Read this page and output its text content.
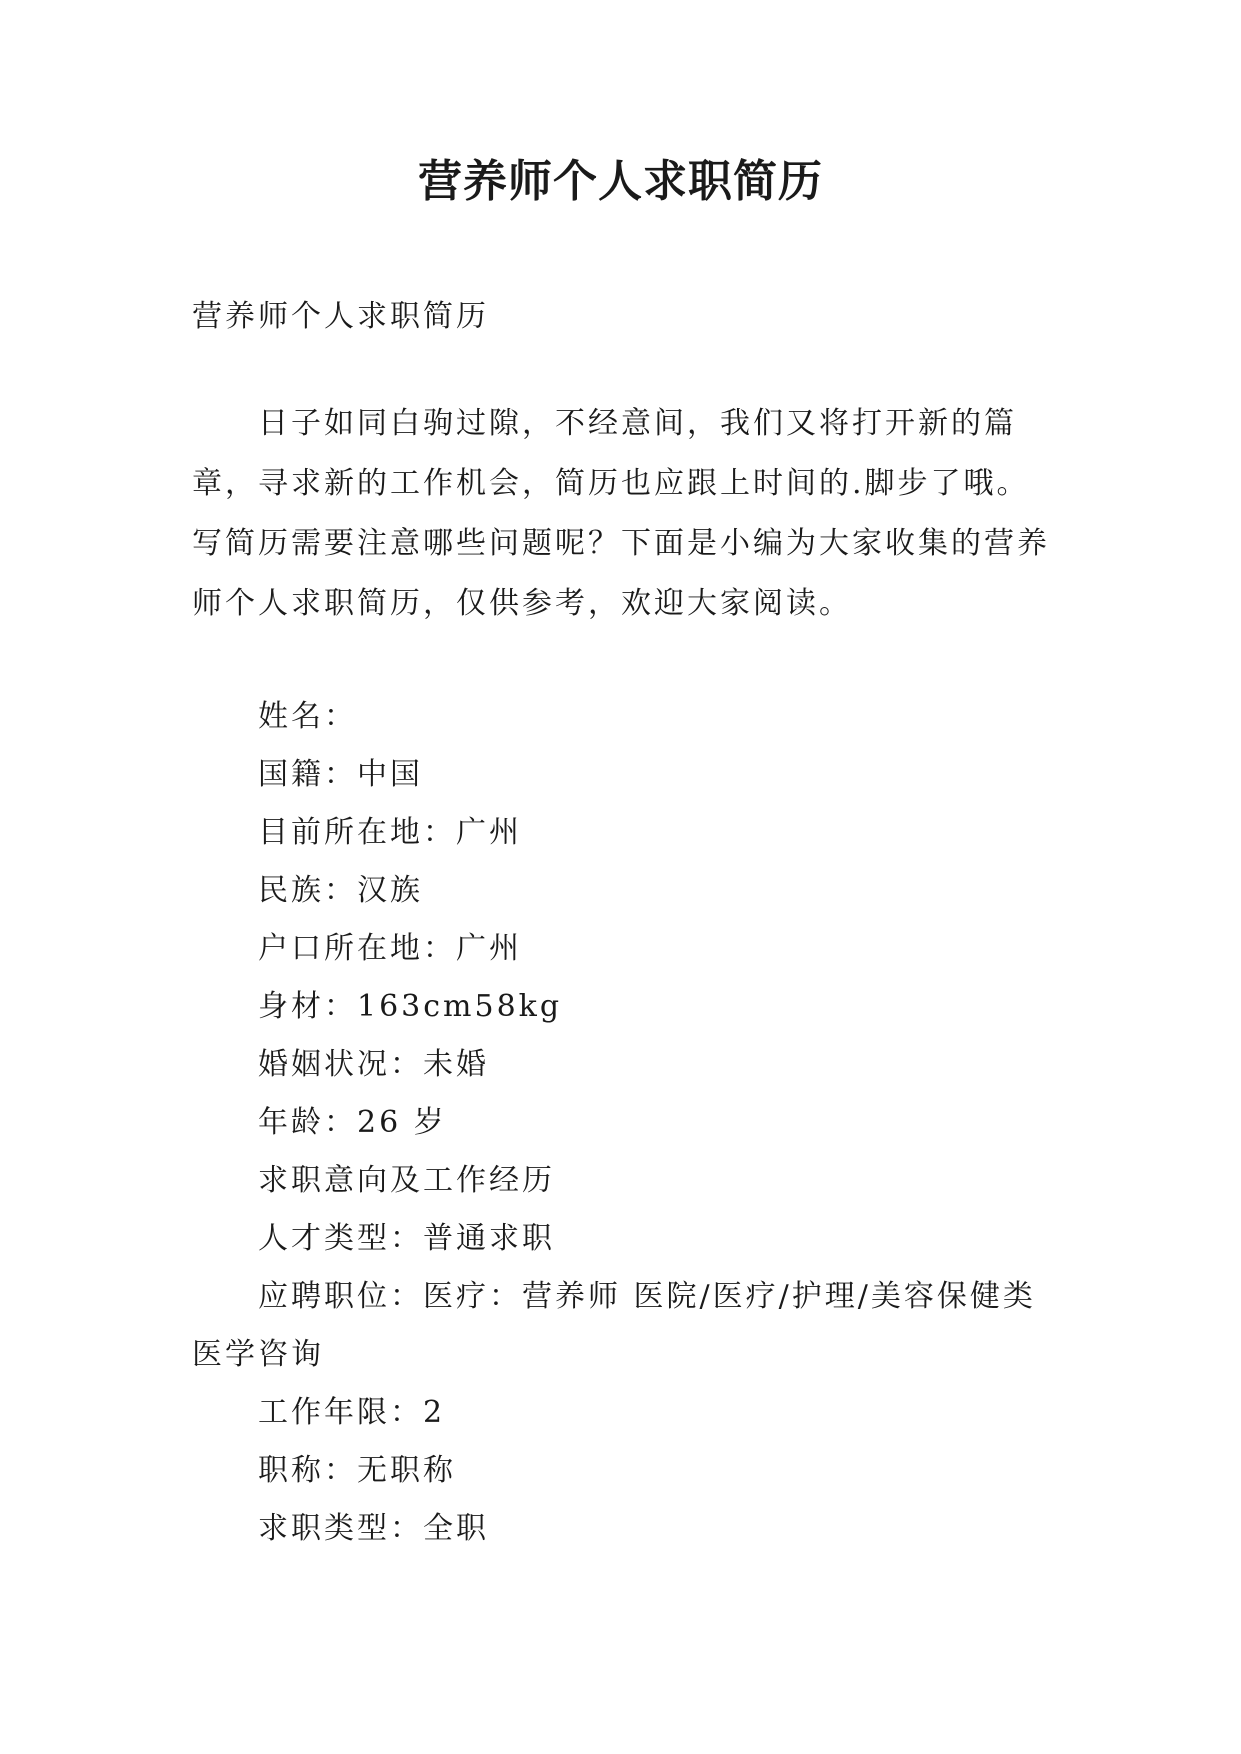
营养师个人求职简历

营养师个人求职简历

日子如同白驹过隙，不经意间，我们又将打开新的篇章，寻求新的工作机会，简历也应跟上时间的.脚步了哦。写简历需要注意哪些问题呢？下面是小编为大家收集的营养师个人求职简历，仅供参考，欢迎大家阅读。

姓名：

国籍：中国

目前所在地：广州

民族：汉族

户口所在地：广州

身材：163cm58kg

婚姻状况：未婚

年龄：26 岁

求职意向及工作经历

人才类型：普通求职

应聘职位：医疗：营养师 医院/医疗/护理/美容保健类医学咨询

工作年限：2

职称：无职称

求职类型：全职
